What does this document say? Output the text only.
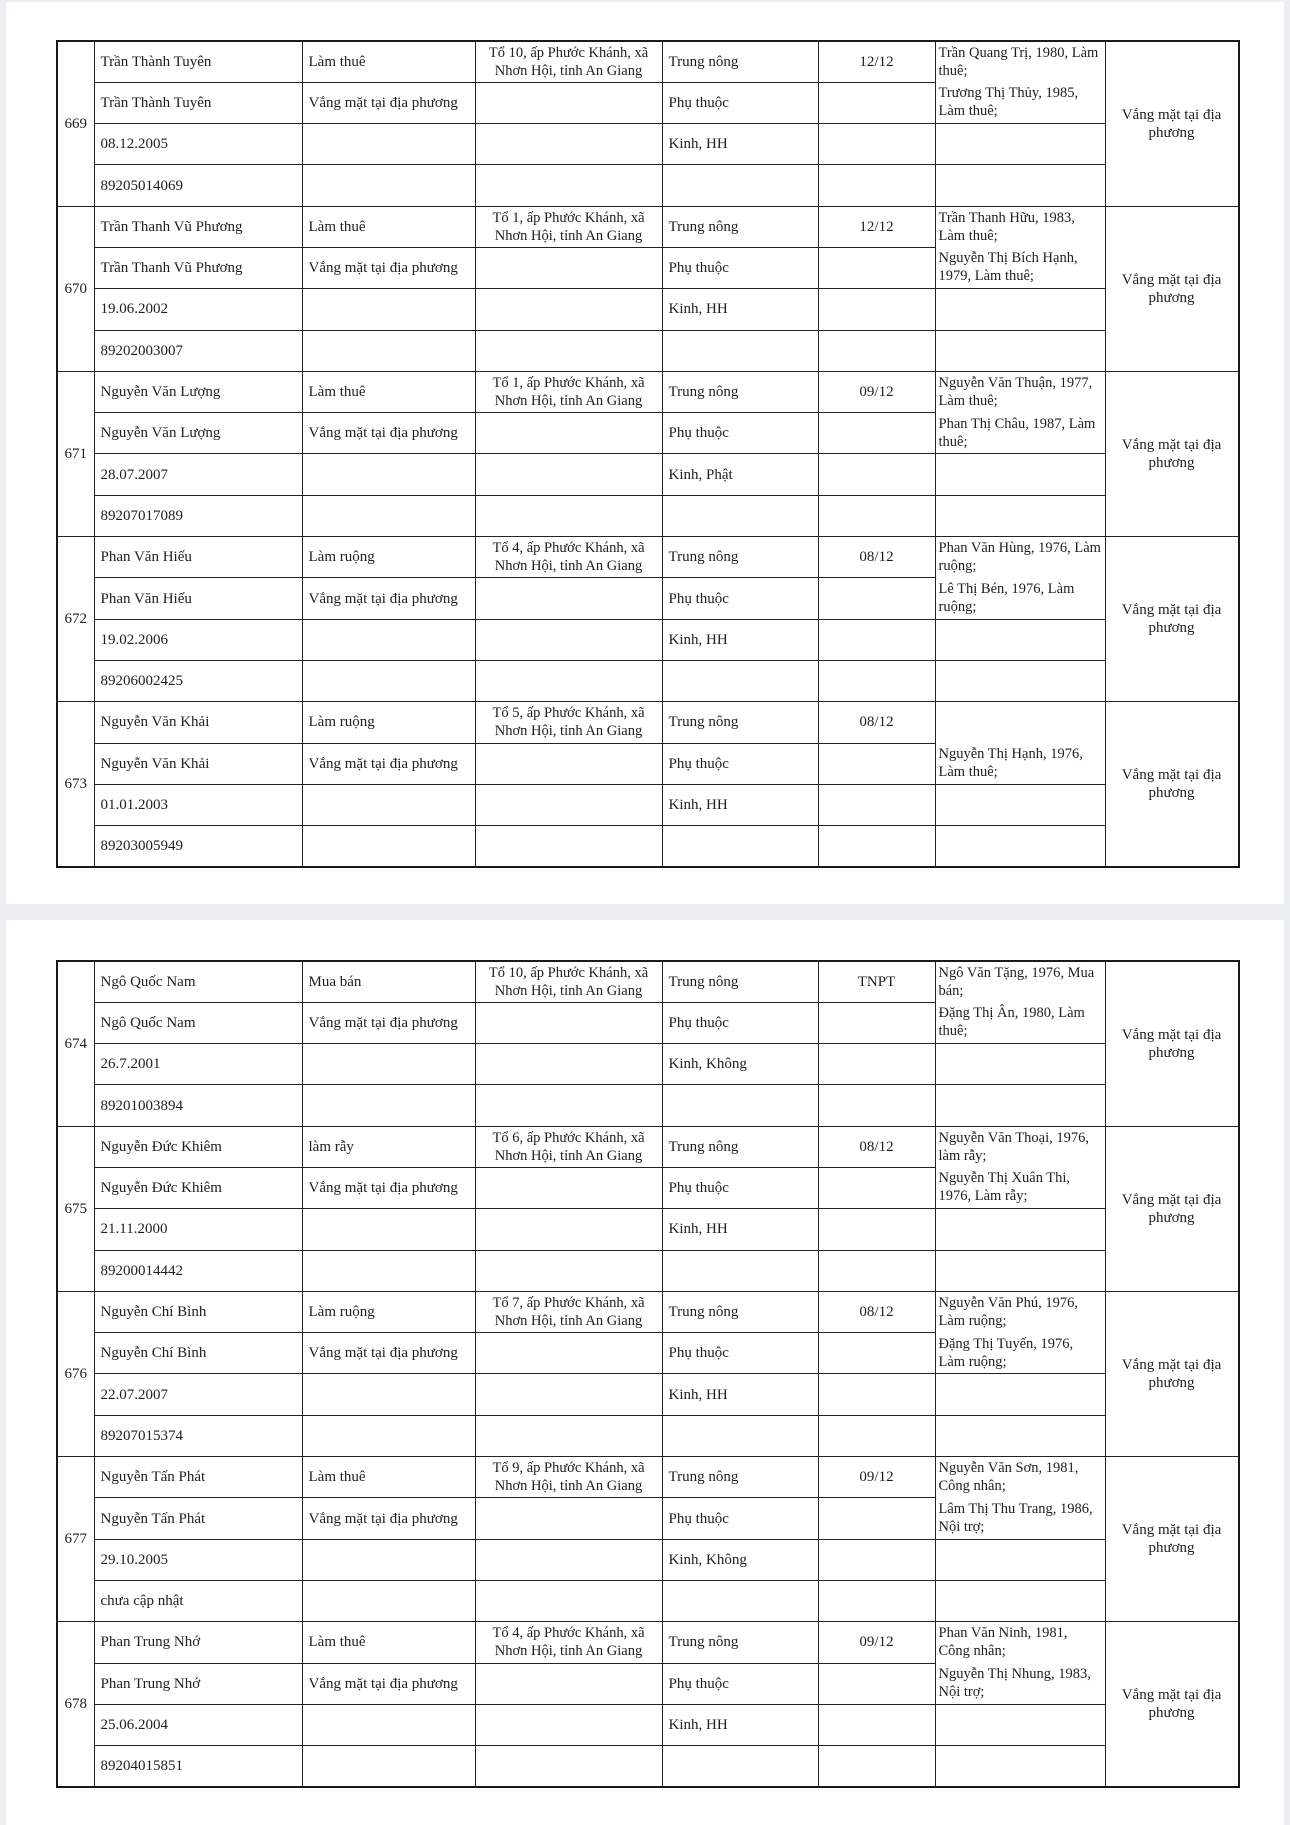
669	Trần Thành Tuyên	Làm thuê	Tổ 10, ấp Phước Khánh, xã Nhơn Hội, tỉnh An Giang	Trung nông	12/12	Trần Quang Trị, 1980, Làm thuê;	Vắng mặt tại địa phương
	Trần Thành Tuyên	Vắng mặt tại địa phương		Phụ thuộc		Trương Thị Thủy, 1985, Làm thuê;	

	08.12.2005			Kinh, HH			
	89205014069						
670	Trần Thanh Vũ Phương	Làm thuê	Tổ 1, ấp Phước Khánh, xã Nhơn Hội, tỉnh An Giang	Trung nông	12/12	Trần Thanh Hữu, 1983, Làm thuê;	Vắng mặt tại địa phương
	Trần Thanh Vũ Phương	Vắng mặt tại địa phương		Phụ thuộc		Nguyễn Thị Bích Hạnh, 1979, Làm thuê;	

	19.06.2002			Kinh, HH			
	89202003007						
671	Nguyễn Văn Lượng	Làm thuê	Tổ 1, ấp Phước Khánh, xã Nhơn Hội, tỉnh An Giang	Trung nông	09/12	Nguyễn Văn Thuận, 1977, Làm thuê;	Vắng mặt tại địa phương
	Nguyễn Văn Lượng	Vắng mặt tại địa phương		Phụ thuộc		Phan Thị Châu, 1987, Làm thuê;	

	28.07.2007			Kinh, Phật			
	89207017089						
672	Phan Văn Hiếu	Làm ruộng	Tổ 4, ấp Phước Khánh, xã Nhơn Hội, tỉnh An Giang	Trung nông	08/12	Phan Văn Hùng, 1976, Làm ruộng;	Vắng mặt tại địa phương
	Phan Văn Hiếu	Vắng mặt tại địa phương		Phụ thuộc		Lê Thị Bén, 1976, Làm ruộng;	

	19.02.2006			Kinh, HH			
	89206002425						
673	Nguyễn Văn Khải	Làm ruộng	Tổ 5, ấp Phước Khánh, xã Nhơn Hội, tỉnh An Giang	Trung nông	08/12		Vắng mặt tại địa phương
	Nguyễn Văn Khải	Vắng mặt tại địa phương		Phụ thuộc		Nguyễn Thị Hạnh, 1976, Làm thuê;	

	01.01.2003			Kinh, HH			
	89203005949						
674	Ngô Quốc Nam	Mua bán	Tổ 10, ấp Phước Khánh, xã Nhơn Hội, tỉnh An Giang	Trung nông	TNPT	Ngô Văn Tặng, 1976, Mua bán;	Vắng mặt tại địa phương
	Ngô Quốc Nam	Vắng mặt tại địa phương		Phụ thuộc		Đặng Thị Ân, 1980, Làm thuê;	

	26.7.2001			Kinh, Không			
	89201003894						
675	Nguyễn Đức Khiêm	làm rẫy	Tổ 6, ấp Phước Khánh, xã Nhơn Hội, tỉnh An Giang	Trung nông	08/12	Nguyễn Văn Thoại, 1976, làm rẫy;	Vắng mặt tại địa phương
	Nguyễn Đức Khiêm	Vắng mặt tại địa phương		Phụ thuộc		Nguyễn Thị Xuân Thi, 1976, Làm rẫy;	

	21.11.2000			Kinh, HH			
	89200014442						
676	Nguyễn Chí Bình	Làm ruộng	Tổ 7, ấp Phước Khánh, xã Nhơn Hội, tỉnh An Giang	Trung nông	08/12	Nguyễn Văn Phú, 1976, Làm ruộng;	Vắng mặt tại địa phương
	Nguyễn Chí Bình	Vắng mặt tại địa phương		Phụ thuộc		Đặng Thị Tuyến, 1976, Làm ruộng;	

	22.07.2007			Kinh, HH			
	89207015374						
677	Nguyễn Tấn Phát	Làm thuê	Tổ 9, ấp Phước Khánh, xã Nhơn Hội, tỉnh An Giang	Trung nông	09/12	Nguyễn Văn Sơn, 1981, Công nhân;	Vắng mặt tại địa phương
	Nguyễn Tấn Phát	Vắng mặt tại địa phương		Phụ thuộc		Lâm Thị Thu Trang, 1986, Nội trợ;	

	29.10.2005			Kinh, Không			
	chưa cập nhật						
678	Phan Trung Nhớ	Làm thuê	Tổ 4, ấp Phước Khánh, xã Nhơn Hội, tỉnh An Giang	Trung nông	09/12	Phan Văn Ninh, 1981, Công nhân;	Vắng mặt tại địa phương
	Phan Trung Nhớ	Vắng mặt tại địa phương		Phụ thuộc		Nguyễn Thị Nhung, 1983, Nội trợ;	

	25.06.2004			Kinh, HH			
	89204015851						
